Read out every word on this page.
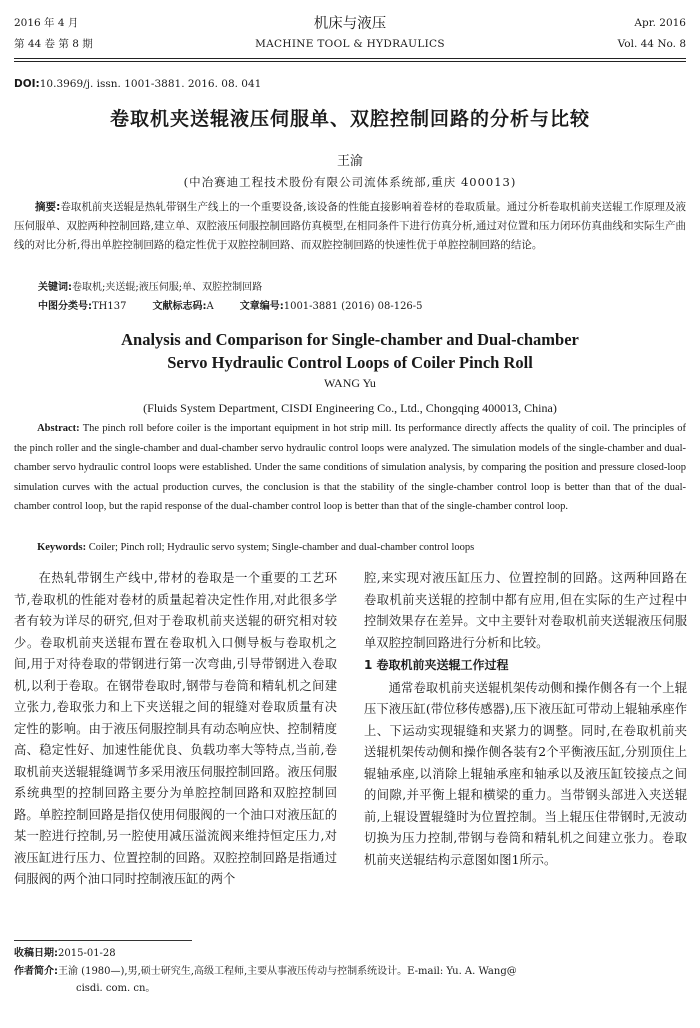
2016 年 4 月
第 44 卷 第 8 期
机床与液压
MACHINE TOOL & HYDRAULICS
Apr. 2016
Vol. 44 No. 8
DOI:10.3969/j. issn. 1001-3881. 2016. 08. 041
卷取机夹送辊液压伺服单、双腔控制回路的分析与比较
王渝
(中冶赛迪工程技术股份有限公司流体系统部,重庆 400013)
摘要:卷取机前夹送辊是热轧带钢生产线上的一个重要设备,该设备的性能直接影响着卷材的卷取质量。通过分析卷取机前夹送辊工作原理及液压伺服单、双腔两种控制回路,建立单、双腔液压伺服控制回路仿真模型,在相同条件下进行仿真分析,通过对位置和压力闭环仿真曲线和实际生产曲线的对比分析,得出单腔控制回路的稳定性优于双腔控制回路、而双腔控制回路的快速性优于单腔控制回路的结论。
关键词:卷取机;夹送辊;液压伺服;单、双腔控制回路
中图分类号:TH137	文献标志码:A	文章编号:1001-3881 (2016) 08-126-5
Analysis and Comparison for Single-chamber and Dual-chamber
Servo Hydraulic Control Loops of Coiler Pinch Roll
WANG Yu
(Fluids System Department, CISDI Engineering Co., Ltd., Chongqing 400013, China)
Abstract: The pinch roll before coiler is the important equipment in hot strip mill. Its performance directly affects the quality of coil. The principles of the pinch roller and the single-chamber and dual-chamber servo hydraulic control loops were analyzed. The simulation models of the single-chamber and dual-chamber servo hydraulic control loops were established. Under the same conditions of simulation analysis, by comparing the position and pressure closed-loop simulation curves with the actual production curves, the conclusion is that the stability of the single-chamber control loop is better than that of the dual-chamber control loop, but the rapid response of the dual-chamber control loop is better than that of the single-chamber control loop.
Keywords: Coiler; Pinch roll; Hydraulic servo system; Single-chamber and dual-chamber control loops

在热轧带钢生产线中,带材的卷取是一个重要的工艺环节,卷取机的性能对卷材的质量起着决定性作用,对此很多学者有较为详尽的研究,但对于卷取机前夹送辊的研究相对较少。卷取机前夹送辊布置在卷取机入口侧导板与卷取机之间,用于对待卷取的带钢进行第一次弯曲,引导带钢进入卷取机,以利于卷取。在钢带卷取时,钢带与卷筒和精轧机之间建立张力,卷取张力和上下夹送辊之间的辊缝对卷取质量有决定性的影响。由于液压伺服控制具有动态响应快、控制精度高、稳定性好、加速性能优良、负载功率大等特点,当前,卷取机前夹送辊辊缝调节多采用液压伺服控制回路。液压伺服系统典型的控制回路主要分为单腔控制回路和双腔控制回路。单腔控制回路是指仅使用伺服阀的一个油口对液压缸的某一腔进行控制,另一腔使用减压溢流阀来维持恒定压力,对液压缸进行压力、位置控制的回路。双腔控制回路是指通过伺服阀的两个油口同时控制液压缸的两个

腔,来实现对液压缸压力、位置控制的回路。这两种回路在卷取机前夹送辊的控制中都有应用,但在实际的生产过程中控制效果存在差异。文中主要针对卷取机前夹送辊液压伺服单双腔控制回路进行分析和比较。

1 卷取机前夹送辊工作过程

通常卷取机前夹送辊机架传动侧和操作侧各有一个上辊压下液压缸(带位移传感器),压下液压缸可带动上辊轴承座作上、下运动实现辊缝和夹紧力的调整。同时,在卷取机前夹送辊机架传动侧和操作侧各装有2个平衡液压缸,分别顶住上辊轴承座,以消除上辊轴承座和轴承以及液压缸铰接点之间的间隙,并平衡上辊和横梁的重力。当带钢头部进入夹送辊前,上辊设置辊缝时为位置控制。当上辊压住带钢时,无波动切换为压力控制,带钢与卷筒和精轧机之间建立张力。卷取机前夹送辊结构示意图如图1所示。

收稿日期:2015-01-28
作者简介:王渝 (1980—),男,硕士研究生,高级工程师,主要从事液压传动与控制系统设计。E-mail: Yu. A. Wang@
cisdi. com. cn。
